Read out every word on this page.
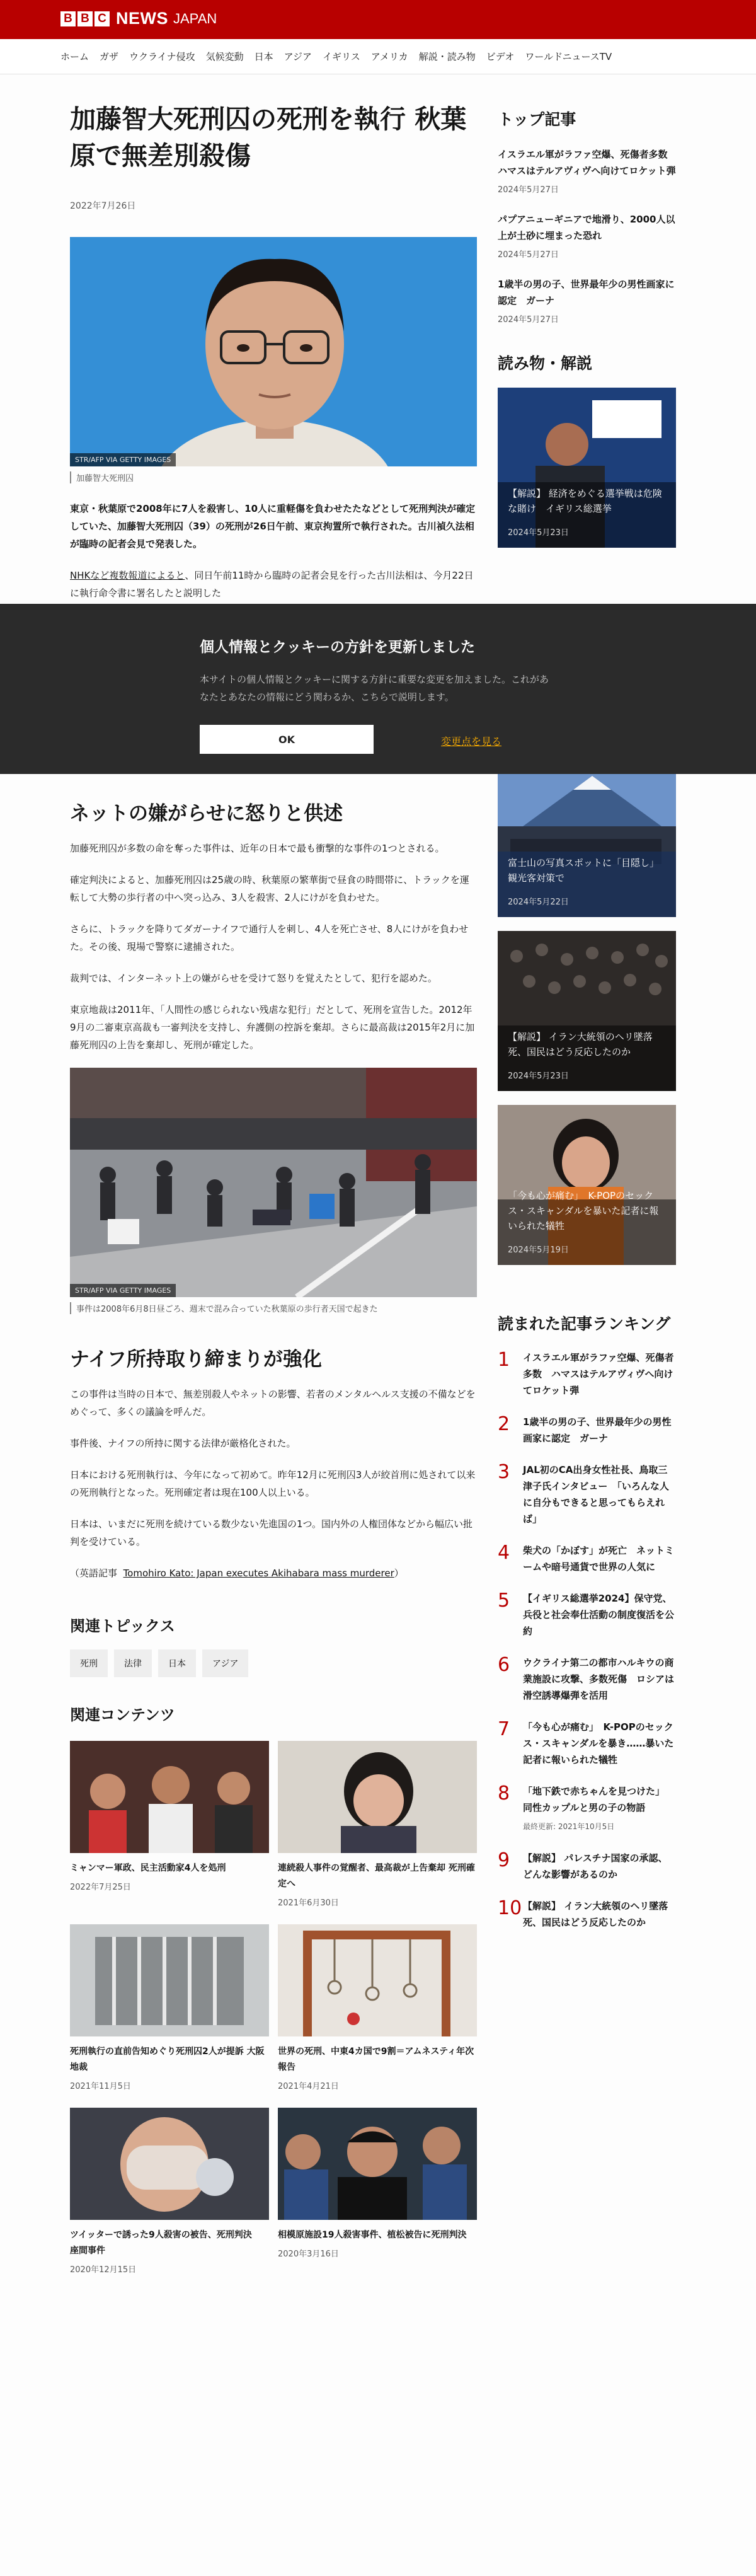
B B C NEWS JAPAN
ホーム ガザ ウクライナ侵攻 気候変動 日本 アジア イギリス アメリカ 解説・読み物 ビデオ ワールドニュースTV
加藤智大死刑囚の死刑を執行 秋葉原で無差別殺傷
2022年7月26日
STR/AFP VIA GETTY IMAGES
加藤智大死刑囚

東京・秋葉原で2008年に7人を殺害し、10人に重軽傷を負わせたたなどとして死刑判決が確定していた、加藤智大死刑囚（39）の死刑が26日午前、東京拘置所で執行された。古川禎久法相が臨時の記者会見で発表した。

NHKなど複数報道によると、同日午前11時から臨時の記者会見を行った古川法相は、今月22日に執行命令書に署名したと説明した

ネットの嫌がらせに怒りと供述

加藤死刑囚が多数の命を奪った事件は、近年の日本で最も衝撃的な事件の1つとされる。

確定判決によると、加藤死刑囚は25歳の時、秋葉原の繁華街で昼食の時間帯に、トラックを運転して大勢の歩行者の中へ突っ込み、3人を殺害、2人にけがを負わせた。

さらに、トラックを降りてダガーナイフで通行人を刺し、4人を死亡させ、8人にけがを負わせた。その後、現場で警察に逮捕された。

裁判では、インターネット上の嫌がらせを受けて怒りを覚えたとして、犯行を認めた。

東京地裁は2011年、「人間性の感じられない残虐な犯行」だとして、死刑を宣告した。2012年9月の二審東京高裁も一審判決を支持し、弁護側の控訴を棄却。さらに最高裁は2015年2月に加藤死刑囚の上告を棄却し、死刑が確定した。

STR/AFP VIA GETTY IMAGES
事件は2008年6月8日昼ごろ、週末で混み合っていた秋葉原の歩行者天国で起きた
ナイフ所持取り締まりが強化

この事件は当時の日本で、無差別殺人やネットの影響、若者のメンタルヘルス支援の不備などをめぐって、多くの議論を呼んだ。

事件後、ナイフの所持に関する法律が厳格化された。

日本における死刑執行は、今年になって初めて。昨年12月に死刑囚3人が絞首刑に処されて以来の死刑執行となった。死刑確定者は現在100人以上いる。

日本は、いまだに死刑を続けている数少ない先進国の1つ。国内外の人権団体などから幅広い批判を受けている。

（英語記事 Tomohiro Kato: Japan executes Akihabara mass murderer）

関連トピックス
死刑	法律	日本	アジア
関連コンテンツ
ミャンマー軍政、民主活動家4人を処刑
2022年7月25日
連続殺人事件の覚醒者、最高裁が上告棄却 死刑確定へ
2021年6月30日
死刑執行の直前告知めぐり死刑囚2人が提訴 大阪地裁
2021年11月5日
世界の死刑、中東4カ国で9割＝アムネスティ年次報告
2021年4月21日
ツイッターで誘った9人殺害の被告、死刑判決　座間事件
2020年12月15日
相模原施設19人殺害事件、植松被告に死刑判決
2020年3月16日
トップ記事
イスラエル軍がラファ空爆、死傷者多数　ハマスはテルアヴィヴへ向けてロケット弾
2024年5月27日
パプアニューギニアで地滑り、2000人以上が土砂に埋まった恐れ
2024年5月27日
1歳半の男の子、世界最年少の男性画家に認定　ガーナ
2024年5月27日
読み物・解説
【解説】 経済をめぐる選挙戦は危険な賭け　イギリス総選挙
2024年5月23日
富士山の写真スポットに「目隠し」 観光客対策で
2024年5月22日
【解説】 イラン大統領のヘリ墜落死、国民はどう反応したのか
2024年5月23日
「今も心が痛む」　K-POPのセックス・スキャンダルを暴いた記者に報いられた犠牲
2024年5月19日
読まれた記事ランキング
1	イスラエル軍がラファ空爆、死傷者多数　ハマスはテルアヴィヴへ向けてロケット弾
2	1歳半の男の子、世界最年少の男性画家に認定　ガーナ
3	JAL初のCA出身女性社長、鳥取三津子氏インタビュー　「いろんな人に自分もできると思ってもらえれば」
4	柴犬の「かぼす」が死亡　ネットミームや暗号通貨で世界の人気に
5	【イギリス総選挙2024】保守党、兵役と社会奉仕活動の制度復活を公約
6	ウクライナ第二の都市ハルキウの商業施設に攻撃、多数死傷　ロシアは滑空誘導爆弾を活用
7	「今も心が痛む」　K-POPのセックス・スキャンダルを暴き……暴いた記者に報いられた犠牲
8	「地下鉄で赤ちゃんを見つけた」 同性カップルと男の子の物語
最終更新: 2021年10月5日
9	【解説】 パレスチナ国家の承認、どんな影響があるのか
10 【解説】 イラン大統領のヘリ墜落死、国民はどう反応したのか
個人情報とクッキーの方針を更新しました

本サイトの個人情報とクッキーに関する方針に重要な変更を加えました。これがあなたとあなたの情報にどう関わるか、こちらで説明します。

OK	変更点を見る
